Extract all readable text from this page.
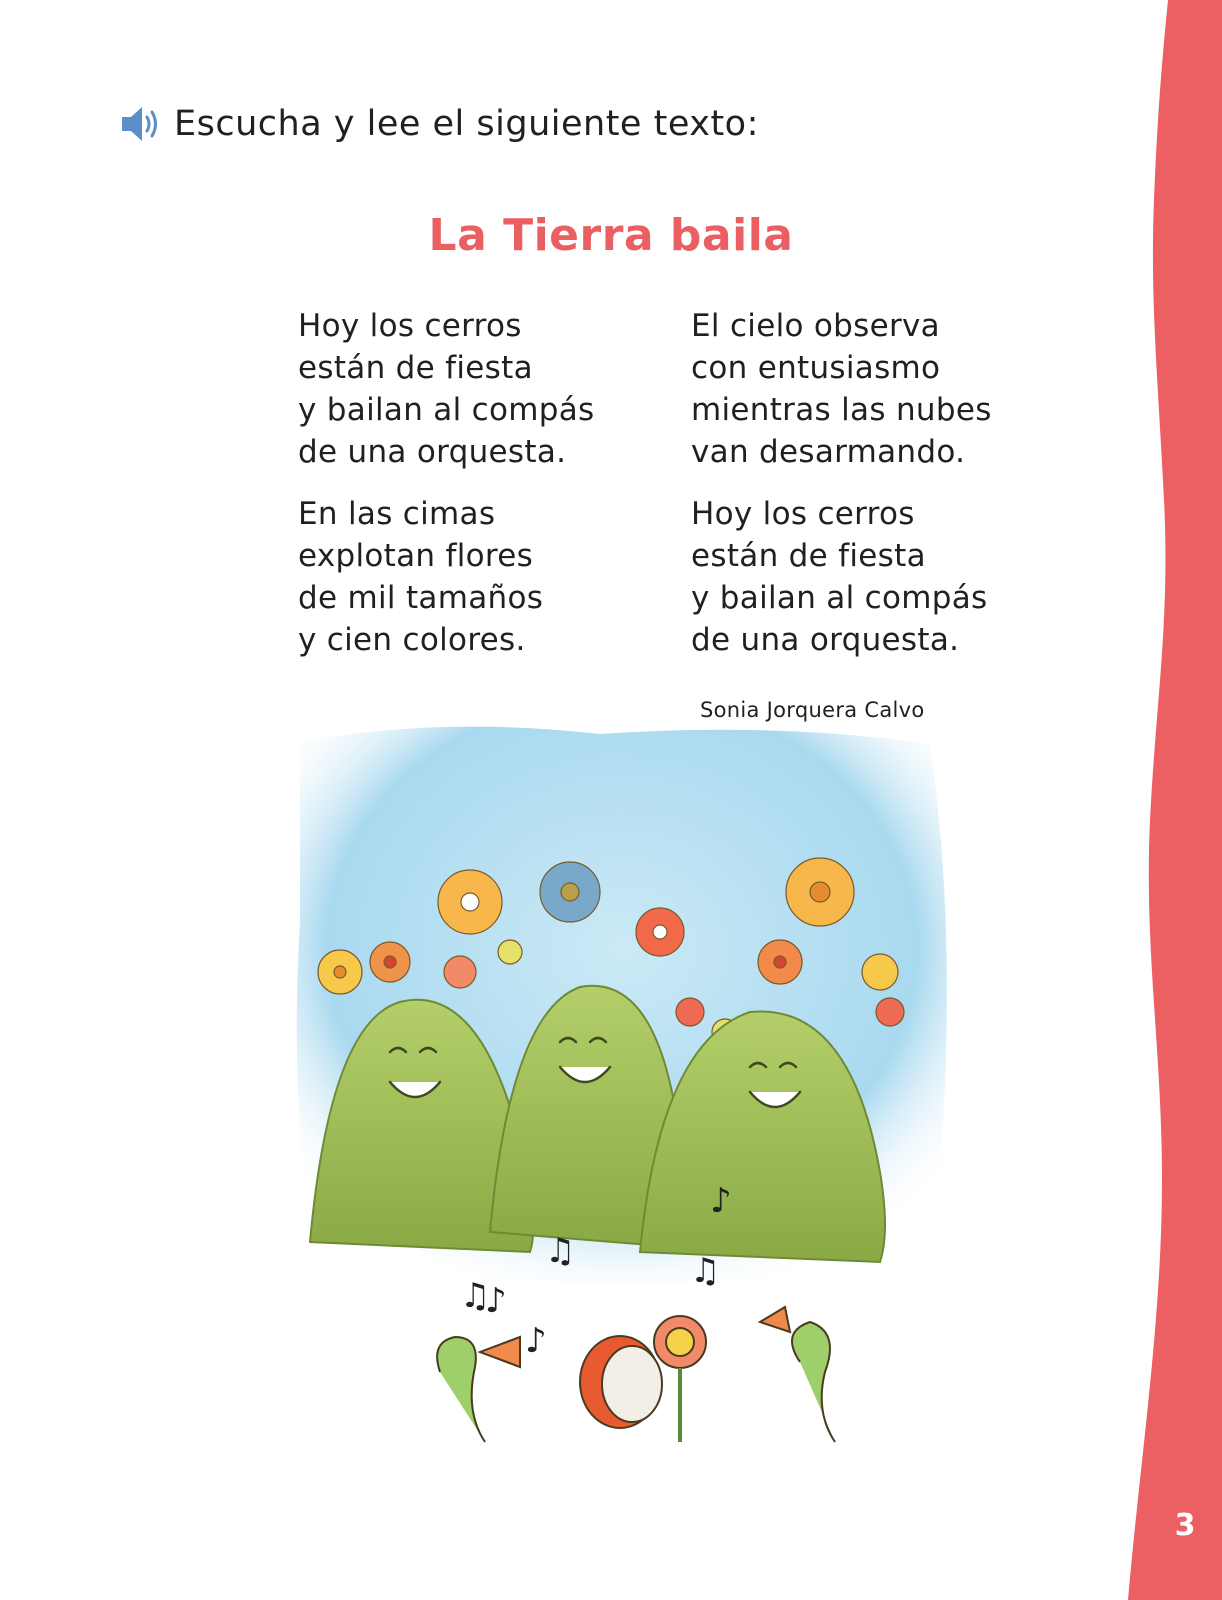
Escucha y lee el siguiente texto:
La Tierra baila
Hoy los cerros
están de fiesta
y bailan al compás
de una orquesta.
En las cimas
explotan flores
de mil tamaños
y cien colores.
El cielo observa
con entusiasmo
mientras las nubes
van desarmando.
Hoy los cerros
están de fiesta
y bailan al compás
de una orquesta.
Sonia Jorquera Calvo
♪
♫
♪
♫
♫
♪
3
